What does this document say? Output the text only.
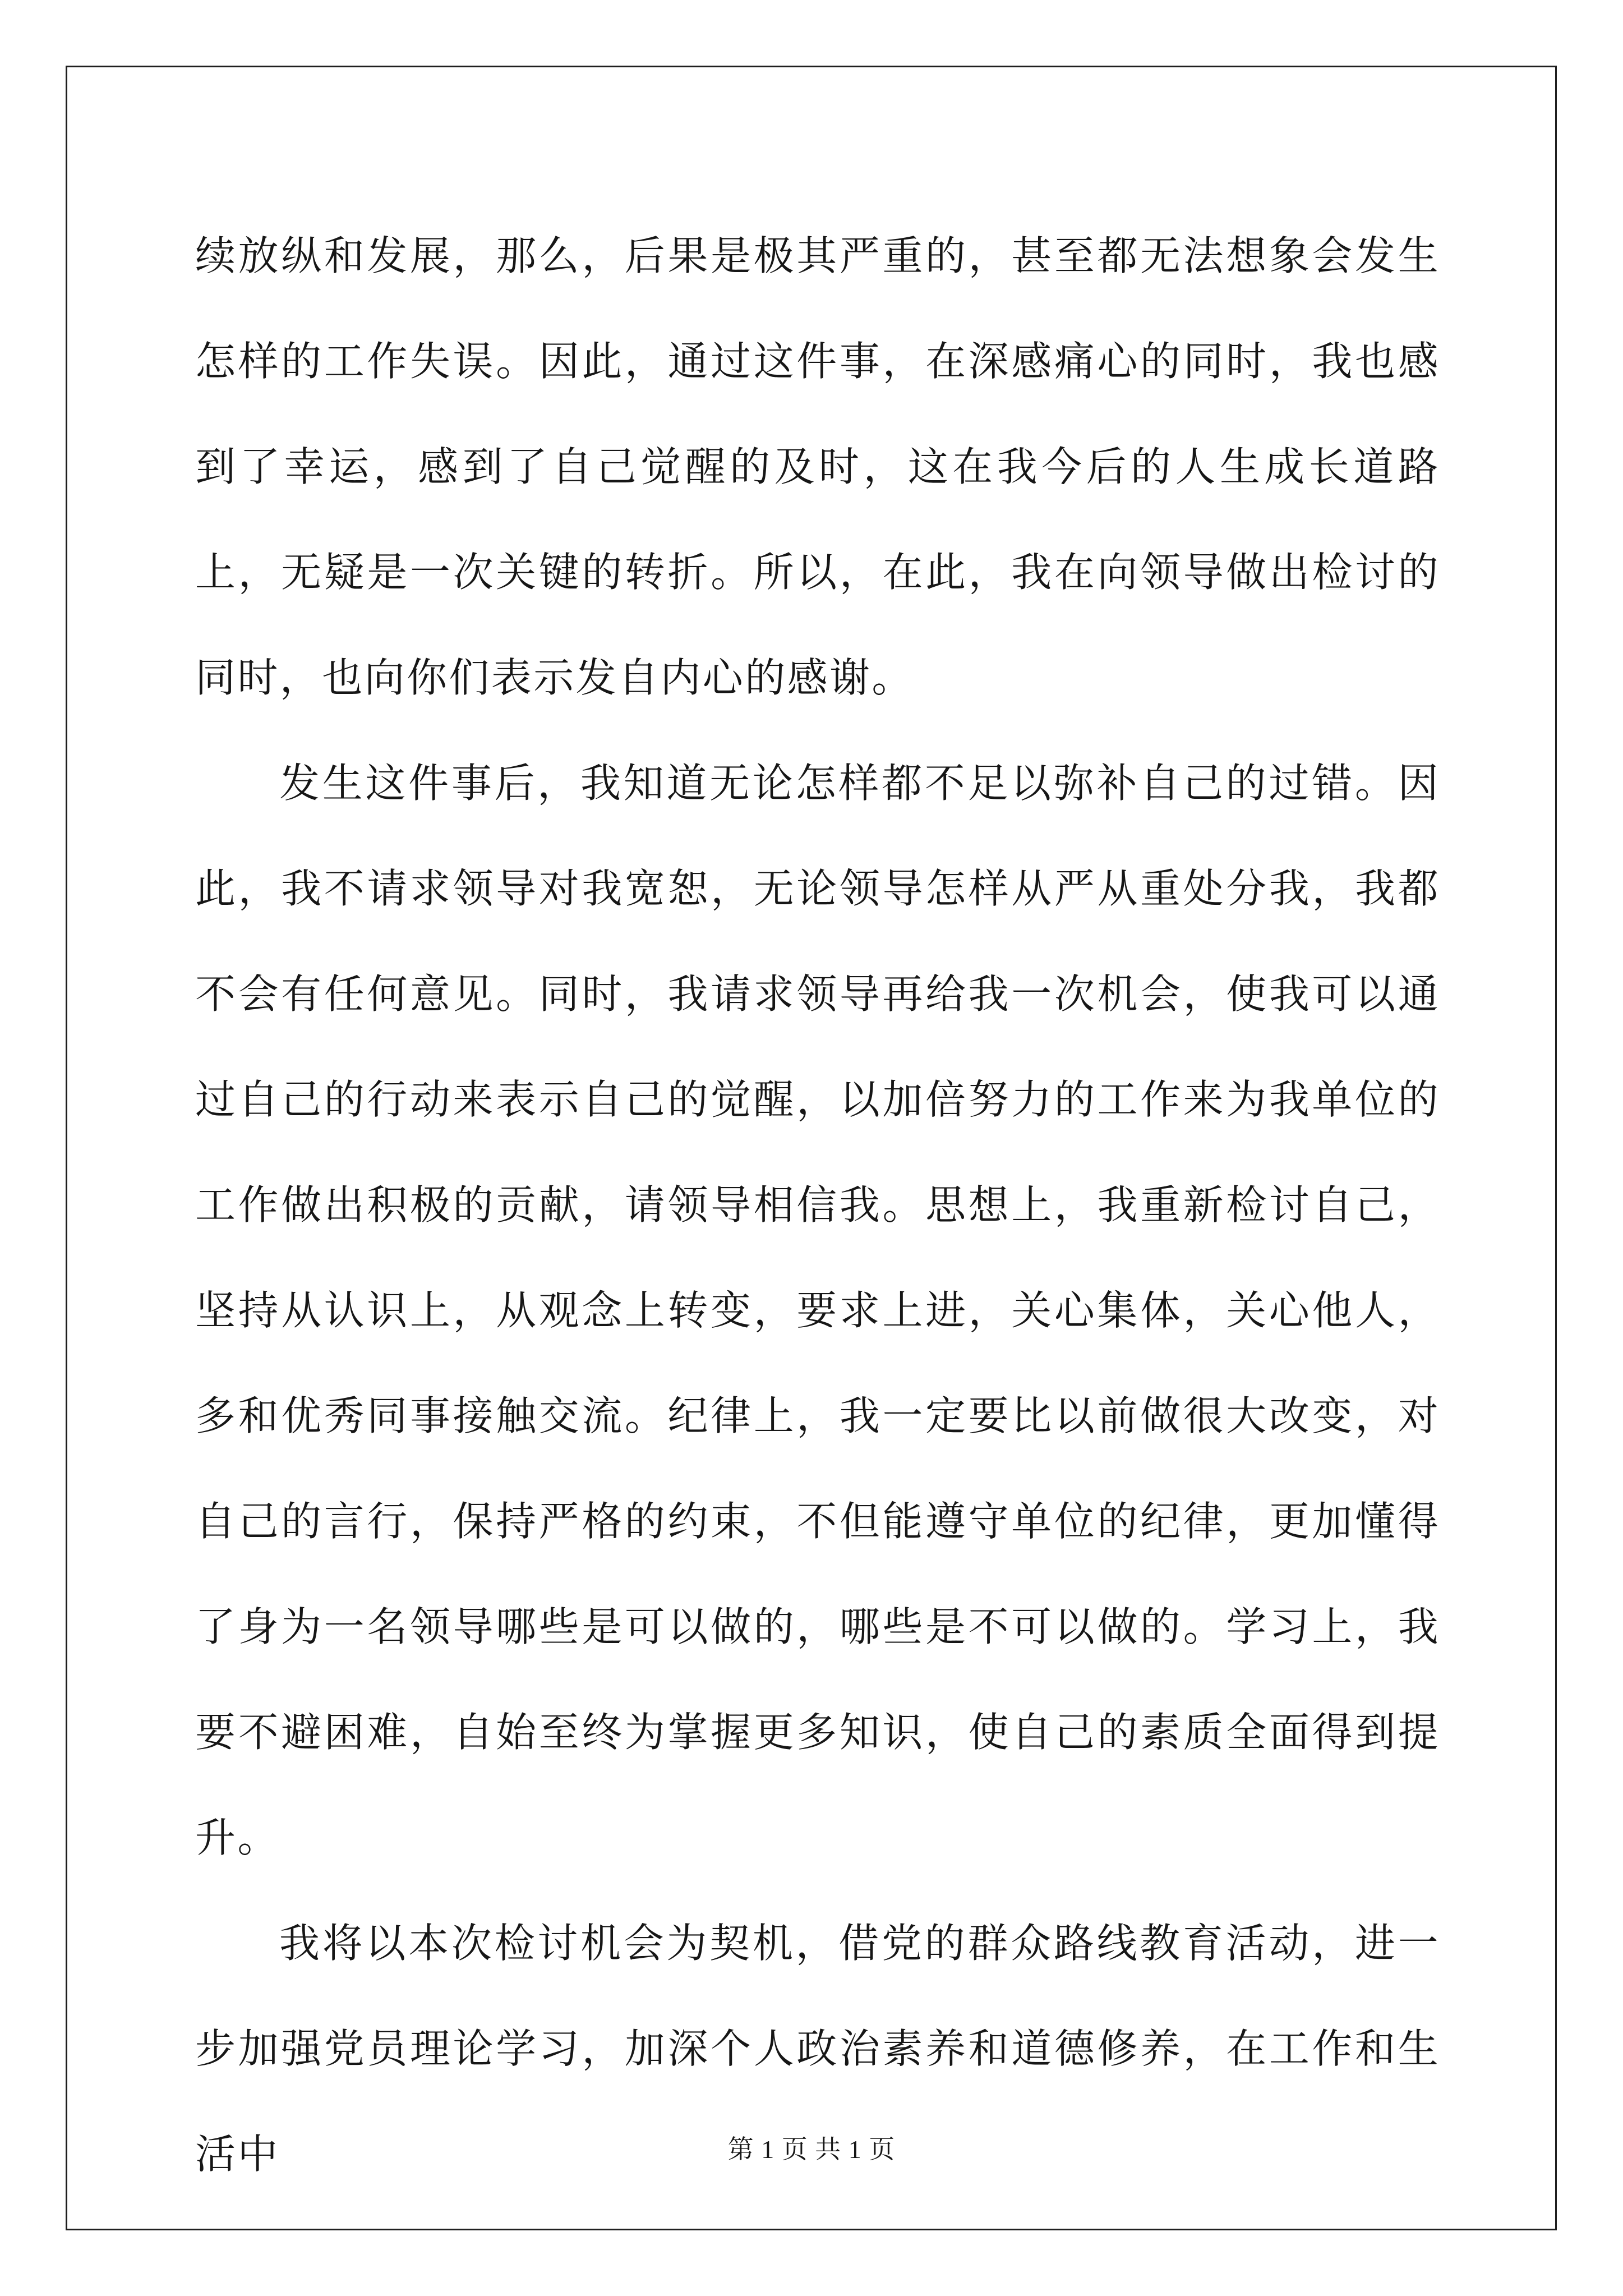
续放纵和发展，那么，后果是极其严重的，甚至都无法想象会发生怎样的工作失误。因此，通过这件事，在深感痛心的同时，我也感到了幸运，感到了自己觉醒的及时，这在我今后的人生成长道路上，无疑是一次关键的转折。所以，在此，我在向领导做出检讨的同时，也向你们表示发自内心的感谢。

发生这件事后，我知道无论怎样都不足以弥补自己的过错。因此，我不请求领导对我宽恕，无论领导怎样从严从重处分我，我都不会有任何意见。同时，我请求领导再给我一次机会，使我可以通过自己的行动来表示自己的觉醒，以加倍努力的工作来为我单位的工作做出积极的贡献，请领导相信我。思想上，我重新检讨自己，坚持从认识上，从观念上转变，要求上进，关心集体，关心他人，多和优秀同事接触交流。纪律上，我一定要比以前做很大改变，对自己的言行，保持严格的约束，不但能遵守单位的纪律，更加懂得了身为一名领导哪些是可以做的，哪些是不可以做的。学习上，我要不避困难，自始至终为掌握更多知识，使自己的素质全面得到提升。

我将以本次检讨机会为契机，借党的群众路线教育活动，进一步加强党员理论学习，加深个人政治素养和道德修养，在工作和生活中	第 1 页 共 1 页
